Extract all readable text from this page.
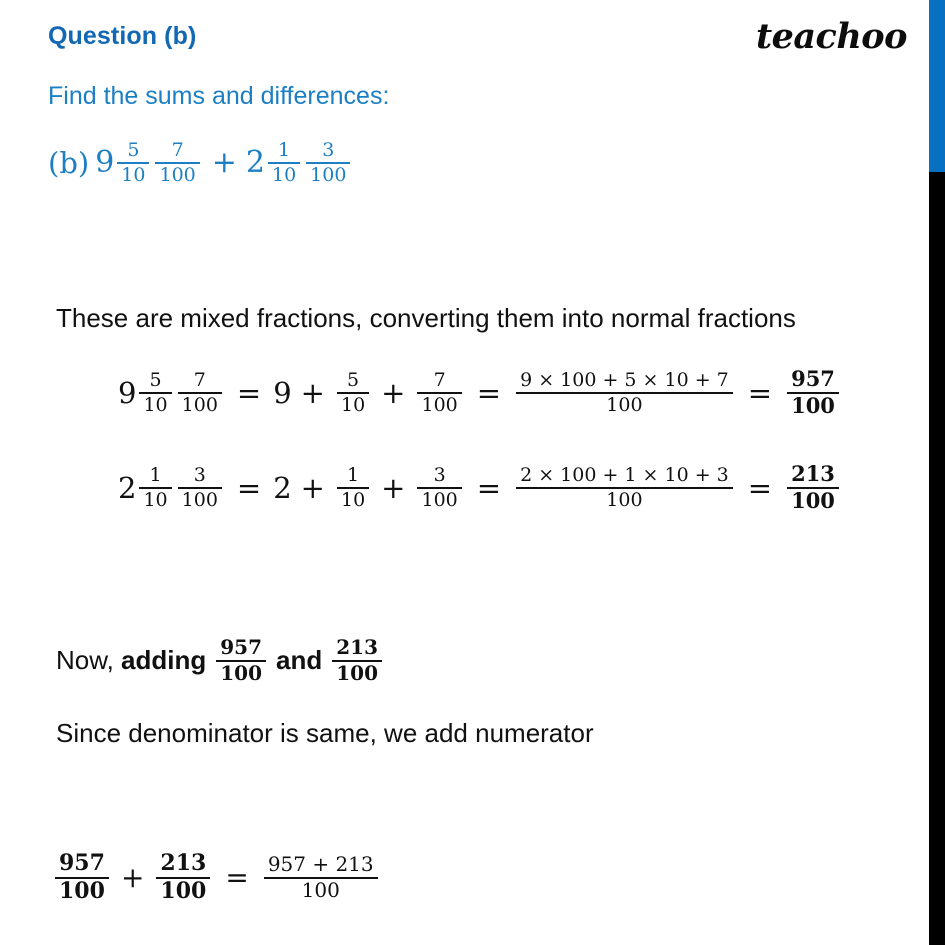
Question (b)	teachoo
Find the sums and differences:
(b) $9 \frac{5}{10} \frac{7}{100} + 2 \frac{1}{10} \frac{3}{100}$
These are mixed fractions, converting them into normal fractions
$9 \frac{5}{10} \frac{7}{100} = 9 + \frac{5}{10} + \frac{7}{100} = \frac{9 \times 100 + 5 \times 10 + 7}{100} = \frac{957}{100}$
$2 \frac{1}{10} \frac{3}{100} = 2 + \frac{1}{10} + \frac{3}{100} = \frac{2 \times 100 + 1 \times 10 + 3}{100} = \frac{213}{100}$
Now,
adding $\frac{957}{100}$ and $\frac{213}{100}$
Since denominator is same, we add numerator
$\frac{957}{100} + \frac{213}{100} = \frac{957 + 213}{100}$
